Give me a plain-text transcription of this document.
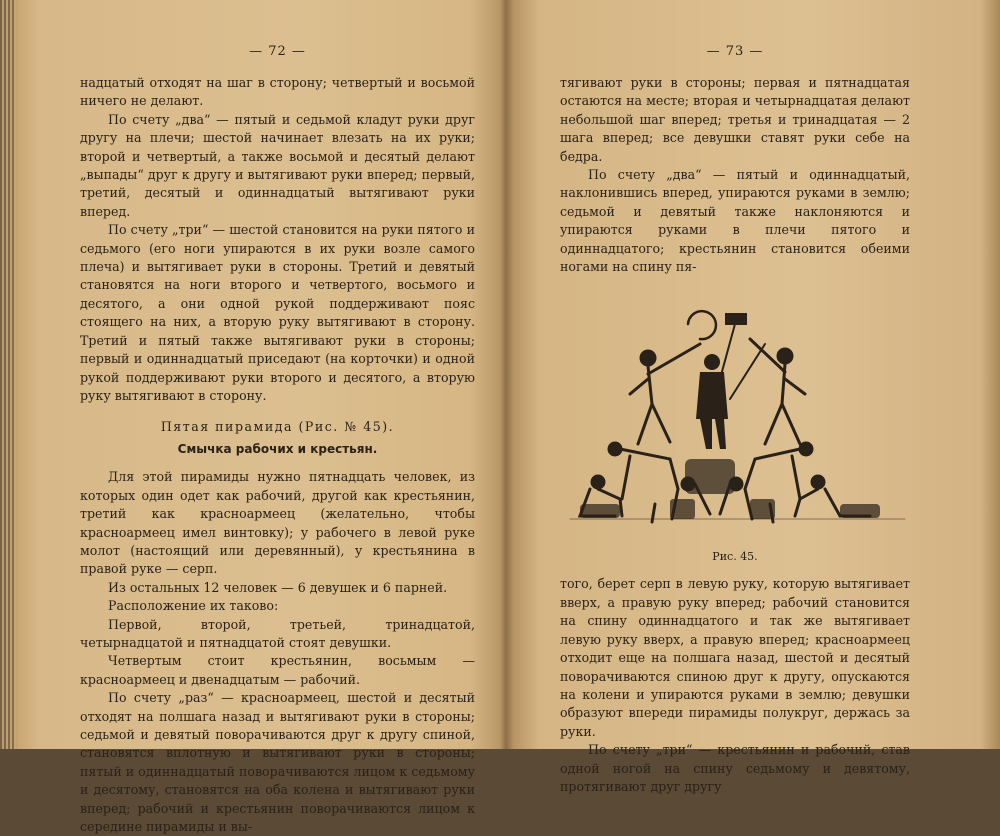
— 72 —

надцатый отходят на шаг в сторону; четвертый и восьмой ничего не делают.

По счету „два“ — пятый и седьмой кладут руки друг другу на плечи; шестой начинает влезать на их руки; второй и четвертый, а также восьмой и десятый делают „выпады“ друг к другу и вытягивают руки вперед; первый, третий, десятый и одиннадцатый вытягивают руки вперед.

По счету „три“ — шестой становится на руки пятого и седьмого (его ноги упираются в их руки возле самого плеча) и вытягивает руки в стороны. Третий и девятый становятся на ноги второго и четвертого, восьмого и десятого, а они одной рукой поддерживают пояс стоящего на них, а вторую руку вытягивают в сторону. Третий и пятый также вытягивают руки в стороны; первый и одиннадцатый приседают (на корточки) и одной рукой поддерживают руки второго и десятого, а вторую руку вытягивают в сторону.

Пятая пирамида (Рис. № 45).
Смычка рабочих и крестьян.

Для этой пирамиды нужно пятнадцать человек, из которых один одет как рабочий, другой как крестьянин, третий как красноармеец (желательно, чтобы красноармеец имел винтовку); у рабочего в левой руке молот (настоящий или деревянный), у крестьянина в правой руке — серп.

Из остальных 12 человек — 6 девушек и 6 парней.

Расположение их таково:

Первой, второй, третьей, тринадцатой, четырнадцатой и пятнадцатой стоят девушки.

Четвертым стоит крестьянин, восьмым — красноармеец и двенадцатым — рабочий.

По счету „раз“ — красноармеец, шестой и десятый отходят на полшага назад и вытягивают руки в стороны; седьмой и девятый поворачиваются друг к другу спиной, становятся вплотную и вытягивают руки в стороны; пятый и одиннадцатый поворачиваются лицом к седьмому и десятому, становятся на оба колена и вытягивают руки вперед; рабочий и крестьянин поворачиваются лицом к середине пирамиды и вы-

— 73 —

тягивают руки в стороны; первая и пятнадцатая остаются на месте; вторая и четырнадцатая делают небольшой шаг вперед; третья и тринадцатая — 2 шага вперед; все девушки ставят руки себе на бедра.

По счету „два“ — пятый и одиннадцатый, наклонившись вперед, упираются руками в землю; седьмой и девятый также наклоняются и упираются руками в плечи пятого и одиннадцатого; крестьянин становится обеими ногами на спину пя-

Рис. 45.

того, берет серп в левую руку, которую вытягивает вверх, а правую руку вперед; рабочий становится на спину одиннадцатого и так же вытягивает левую руку вверх, а правую вперед; красноармеец отходит еще на полшага назад, шестой и десятый поворачиваются спиною друг к другу, опускаются на колени и упираются руками в землю; девушки образуют впереди пирамиды полукруг, держась за руки.

По счету „три“ — крестьянин и рабочий, став одной ногой на спину седьмому и девятому, протягивают друг другу
